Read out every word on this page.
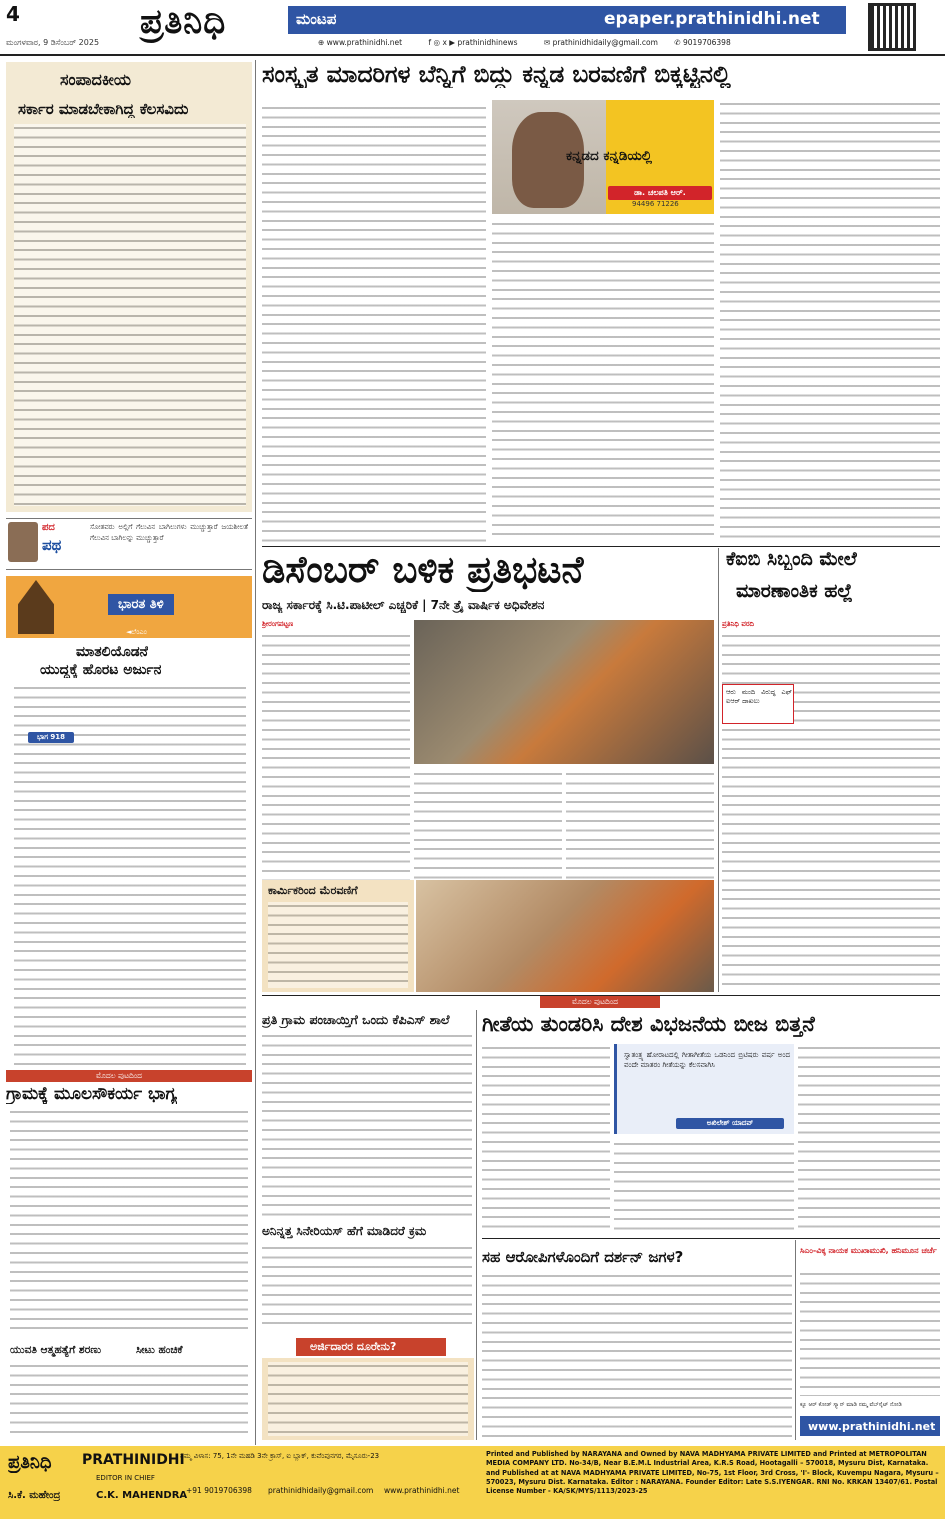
4
ಮಂಗಳವಾರ, 9 ಡಿಸೆಂಬರ್ 2025
ಪ್ರತಿನಿಧಿ	ಮಂಟಪ	epaper.prathinidhi.net
⊕ www.prathinidhi.net	f ◎ x ▶ prathinidhinews	✉ prathinidhidaily@gmail.com ✆ 9019706398
ಸಂಪಾದಕೀಯ
ಸರ್ಕಾರ ಮಾಡಬೇಕಾಗಿದ್ದ ಕೆಲಸವಿದು
ಪದ
ಪಥ
ಸೋತವರು ಅಲ್ಲಿಗೆ ಗೆಲುವಿನ ಬಾಗಿಲುಗಳು ಮುಚ್ಚುತ್ತಾರೆ ಜಯಶೀಲತೆ ಗೆಲುವಿನ ಬಾಗಿಲನ್ನು ಮುಚ್ಚುತ್ತಾರೆ
ಭಾರತ ತಿಳಿ
◄ಲೆಂಎಂ
ಮಾತಲಿಯೊಡನೆ
ಯುದ್ಧಕ್ಕೆ ಹೊರಟ ಅರ್ಜುನ
ಭಾಗ 918
ಮೊದಲ ಪುಟದಿಂದ
ಗ್ರಾಮಕ್ಕೆ ಮೂಲಸೌಕರ್ಯ ಭಾಗ್ಯ
ಯುವತಿ ಆತ್ಮಹತ್ಯೆಗೆ ಶರಣು	ಸೀಟು ಹಂಚಿಕೆ
ಸಂಸ್ಕೃತ ಮಾದರಿಗಳ ಬೆನ್ನಿಗೆ ಬಿದ್ದು ಕನ್ನಡ ಬರವಣಿಗೆ ಬಿಕ್ಕಟ್ಟಿನಲ್ಲಿ
ಕನ್ನಡದ ಕನ್ನಡಿಯಲ್ಲಿ
ಡಾ. ಚಲಪತಿ ಆರ್.
94496 71226
ಡಿಸೆಂಬರ್ ಬಳಿಕ ಪ್ರತಿಭಟನೆ
ರಾಜ್ಯ ಸರ್ಕಾರಕ್ಕೆ ಸಿ.ಟಿ.ಪಾಟೀಲ್ ಎಚ್ಚರಿಕೆ | 7ನೇ ತ್ರೈ ವಾರ್ಷಿಕ ಅಧಿವೇಶನ
ಶ್ರೀರಂಗಪಟ್ಟಣ
ಕಾರ್ಮಿಕರಿಂದ ಮೆರವಣಿಗೆ
ಕೆಐಬಿ ಸಿಬ್ಬಂದಿ ಮೇಲೆ
ಮಾರಣಾಂತಿಕ ಹಲ್ಲೆ
ಪ್ರತಿನಿಧಿ ವರದಿ
ಆರು ಮಂದಿ ವಿರುದ್ಧ ಎಫ್ ಐಆರ್ ದಾಖಲು
ಮೊದಲ ಪುಟದಿಂದ
ಪ್ರತಿ ಗ್ರಾಮ ಪಂಚಾಯ್ತಿಗೆ ಒಂದು ಕೆಪಿಎಸ್ ಶಾಲೆ
ಅನಿನ್ನತ್ತ ಸಿನೇರಿಯಸ್ ಹೆಗೆ ಮಾಡಿದರೆ ಕ್ರಮ
ಅರ್ಜಿದಾರರ ದೂರೇನು?
ಗೀತೆಯ ತುಂಡರಿಸಿ ದೇಶ ವಿಭಜನೆಯ ಬೀಜ ಬಿತ್ತನೆ
ಸ್ವಾತಂತ್ರ್ಯ ಹೋರಾಟದಲ್ಲಿ ಗೀತಾಗೀತೆಯ ಒಡನಿಂದ ಬ್ರಿಟಿಷರು ವರ್ಷ ಅಂದ ವಂದೇ ಮಾತರಂ ಗೀತೆಯನ್ನು ಕೆಲಸವಾಗಿಸಿ
ಅಖಿಲೇಶ್ ಯಾದವ್
ಸಹ ಆರೋಪಿಗಳೊಂದಿಗೆ ದರ್ಶನ್ ಜಗಳ?	ಸಿಎಂ-ವಿಕ್ಕ ನಾಯಕ ಮುಖಾಮುಖಿ, ಹನಿಮೂನ ಚರ್ಚೆ
ಕ್ಯೂ ಆರ್ ಕೋಡ್ ಸ್ಕ್ಯಾನ್ ಮಾಡಿ ನಮ್ಮ ವೆಬ್‌ಸೈಟ್ ನೋಡಿ
www.prathinidhi.net
ಪ್ರತಿನಿಧಿ PRATHINIDHI
EDITOR IN CHIEF
ಸಿ.ಕೆ. ಮಹೇಂದ್ರ	C.K. MAHENDRA
ನಮ್ಮ ವಿಳಾಸ: 75, 1ನೇ ಮಹಡಿ 3ನೇ ಕ್ರಾಸ್, ಐ ಬ್ಲಾಕ್, ಕುವೆಂಪುನಗರ, ಮೈಸೂರು-23
+91 9019706398 prathinidhidaily@gmail.com www.prathinidhi.net
Printed and Published by NARAYANA and Owned by NAVA MADHYAMA PRIVATE LIMITED and Printed at METROPOLITAN MEDIA COMPANY LTD. No-34/B, Near B.E.M.L Industrial Area, K.R.S Road, Hootagalli – 570018, Mysuru Dist, Karnataka. and Published at at NAVA MADHYAMA PRIVATE LIMITED, No-75, 1st Floor, 3rd Cross, 'I'- Block, Kuvempu Nagara, Mysuru – 570023, Mysuru Dist. Karnataka. Editor : NARAYANA. Founder Editor: Late S.S.IYENGAR. RNI No. KRKAN 13407/61. Postal License Number - KA/SK/MYS/1113/2023-25
